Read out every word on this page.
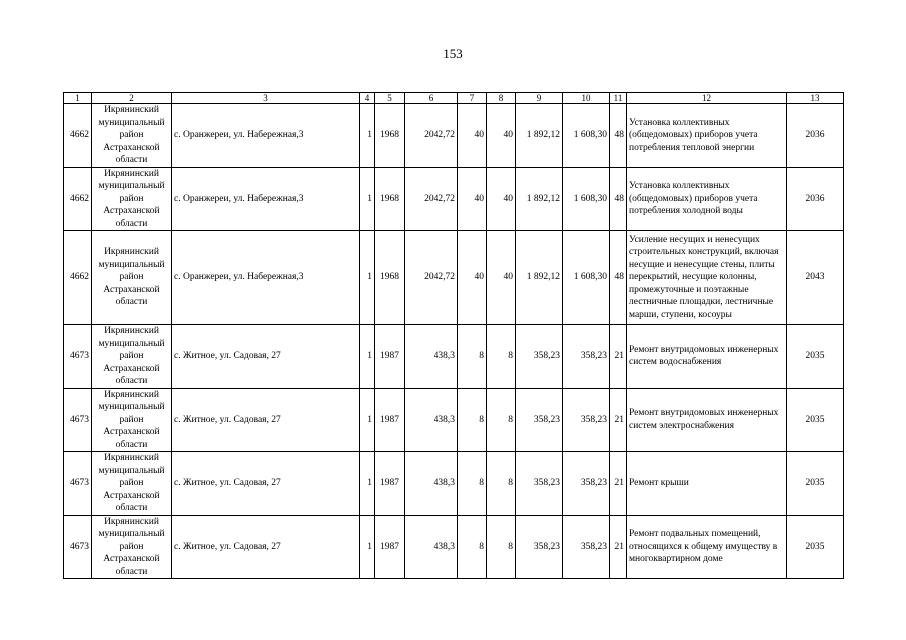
153
1	2	3	4	5	6	7	8	9	10	11	12	13
4662	Икрянинский муниципальный район Астраханской области	с. Оранжереи, ул. Набережная,3	1	1968	2042,72	40	40	1 892,12	1 608,30	48	Установка коллективных (общедомовых) приборов учета потребления тепловой энергии	2036
4662	Икрянинский муниципальный район Астраханской области	с. Оранжереи, ул. Набережная,3	1	1968	2042,72	40	40	1 892,12	1 608,30	48	Установка коллективных (общедомовых) приборов учета потребления холодной воды	2036
4662	Икрянинский муниципальный район Астраханской области	с. Оранжереи, ул. Набережная,3	1	1968	2042,72	40	40	1 892,12	1 608,30	48	Усиление несущих и ненесущих строительных конструкций, включая несущие и ненесущие стены, плиты перекрытий, несущие колонны, промежуточные и поэтажные лестничные площадки, лестничные марши, ступени, косоуры	2043
4673	Икрянинский муниципальный район Астраханской области	с. Житное, ул. Садовая, 27	1	1987	438,3	8	8	358,23	358,23	21	Ремонт внутридомовых инженерных систем водоснабжения	2035
4673	Икрянинский муниципальный район Астраханской области	с. Житное, ул. Садовая, 27	1	1987	438,3	8	8	358,23	358,23	21	Ремонт внутридомовых инженерных систем электроснабжения	2035
4673	Икрянинский муниципальный район Астраханской области	с. Житное, ул. Садовая, 27	1	1987	438,3	8	8	358,23	358,23	21	Ремонт крыши	2035
4673	Икрянинский муниципальный район Астраханской области	с. Житное, ул. Садовая, 27	1	1987	438,3	8	8	358,23	358,23	21	Ремонт подвальных помещений, относящихся к общему имуществу в многоквартирном доме	2035
